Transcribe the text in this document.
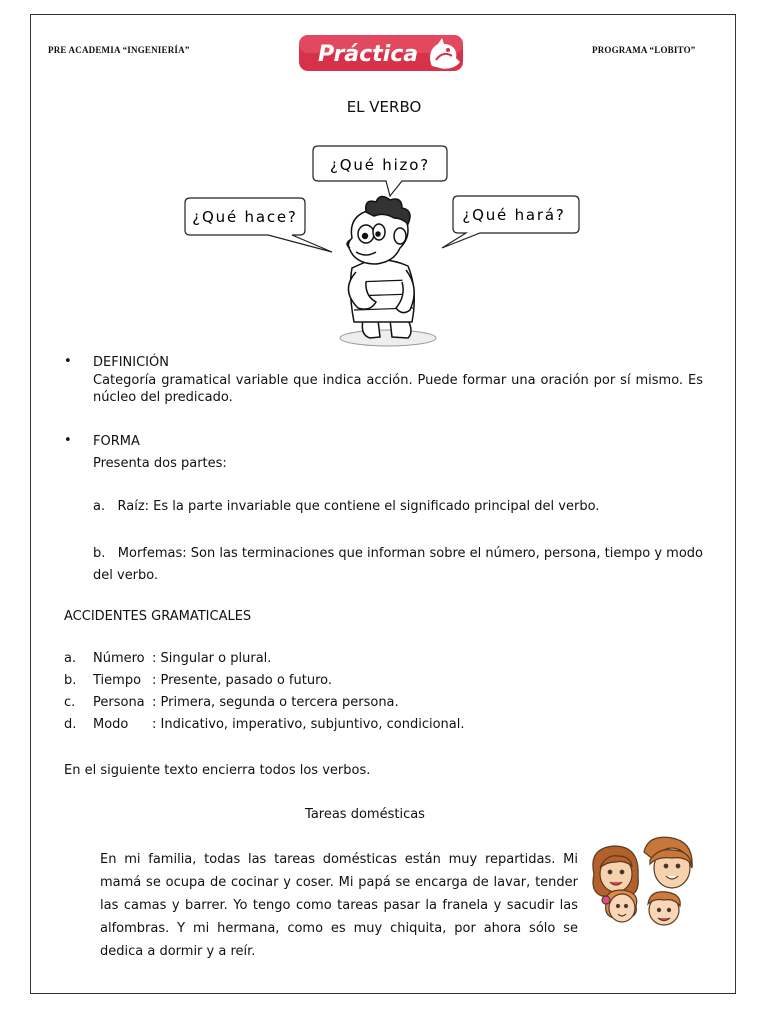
PRE ACADEMIA “INGENIERÍA”	PROGRAMA “LOBITO”
Práctica
EL VERBO
¿Qué hizo?
¿Qué hace?	¿Qué hará?
• DEFINICIÓN
Categoría gramatical variable que indica acción. Puede formar una oración por sí mismo. Es núcleo del predicado.
• FORMA
Presenta dos partes:
a.   Raíz: Es la parte invariable que contiene el significado principal del verbo.
b.   Morfemas: Son las terminaciones que informan sobre el número, persona, tiempo y modo del verbo.
ACCIDENTES GRAMATICALES
a.	Número : Singular o plural.
b.	Tiempo : Presente, pasado o futuro.
c.	Persona : Primera, segunda o tercera persona.
d.	Modo	: Indicativo, imperativo, subjuntivo, condicional.
En el siguiente texto encierra todos los verbos.
Tareas domésticas
En mi familia, todas las tareas domésticas están muy repartidas. Mi mamá se ocupa de cocinar y coser. Mi papá se encarga de lavar, tender las camas y barrer. Yo tengo como tareas pasar la franela y sacudir las alfombras. Y mi hermana, como es muy chiquita, por ahora sólo se dedica a dormir y a reír.
